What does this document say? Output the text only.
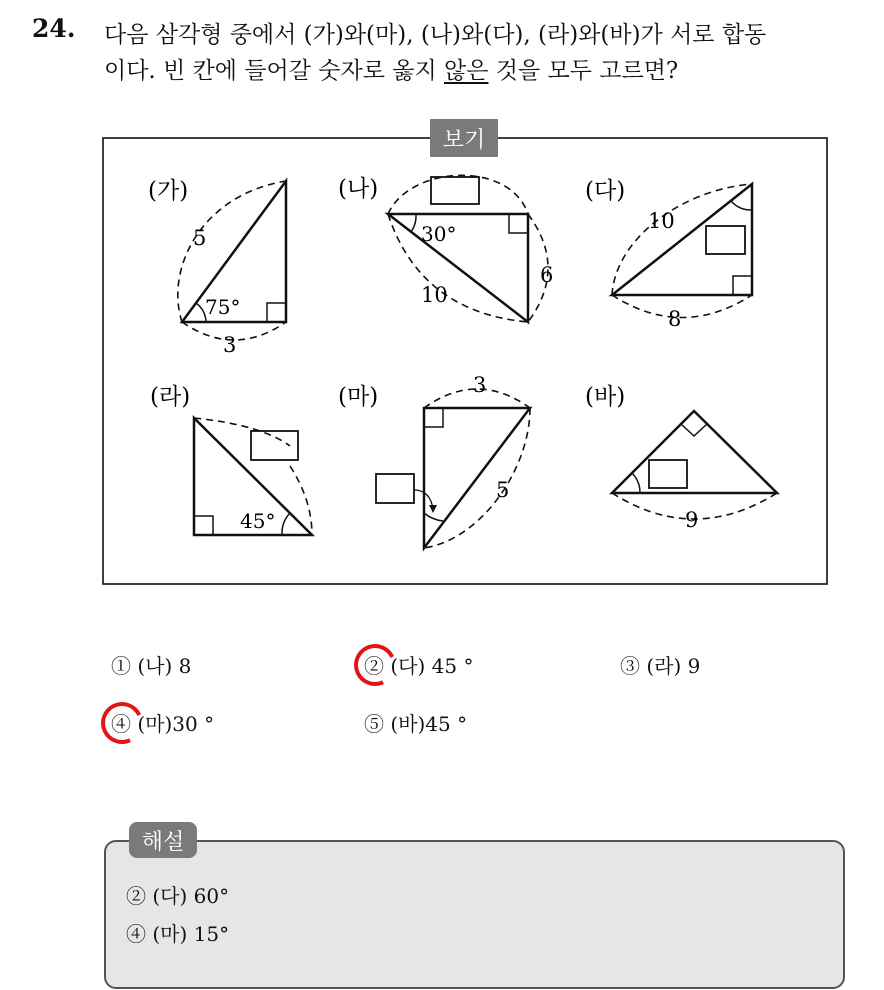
24. 다음 삼각형 중에서 (가)와(마), (나)와(다), (라)와(바)가 서로 합동
이다. 빈 칸에 들어갈 숫자로 옳지 않은 것을 모두 고르면?
(가)
5
75°
3
(나)
30°
6
10
(다)
10
8
(라)
45°
(마)	3
5
(바)
9
보기
① (나) 8	② (다) 45 °	③ (라) 9
④ (마)30 °	⑤ (바)45 °
해설
② (다) 60°
④ (마) 15°
